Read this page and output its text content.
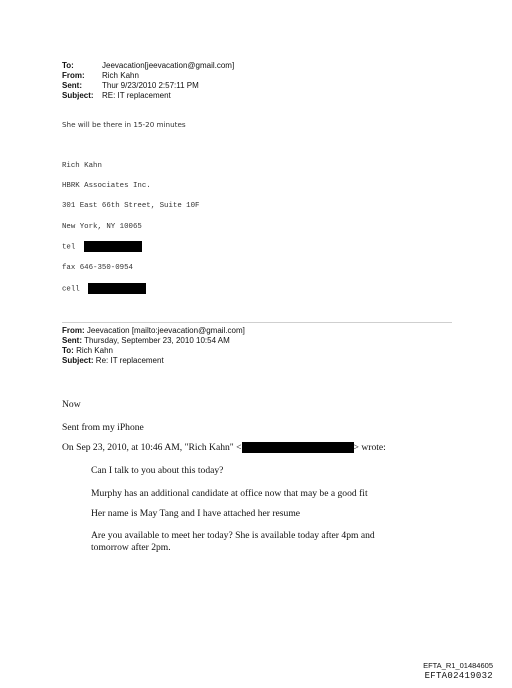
To:	Jeevacation[jeevacation@gmail.com]
From: Rich Kahn
Sent:	Thur 9/23/2010 2:57:11 PM
Subject: RE: IT replacement
She will be there in 15-20 minutes
Rich Kahn
HBRK Associates Inc.
301 East 66th Street, Suite 10F
New York, NY 10065
tel
fax 646-350-0954
cell
From: Jeevacation [mailto:jeevacation@gmail.com]
Sent: Thursday, September 23, 2010 10:54 AM
To: Rich Kahn
Subject: Re: IT replacement
Now
Sent from my iPhone
On Sep 23, 2010, at 10:46 AM, "Rich Kahn" <	> wrote:
Can I talk to you about this today?
Murphy has an additional candidate at office now that may be a good fit
Her name is May Tang and I have attached her resume
Are you available to meet her today? She is available today after 4pm and
tomorrow after 2pm.
EFTA_R1_01484605
EFTA02419032
